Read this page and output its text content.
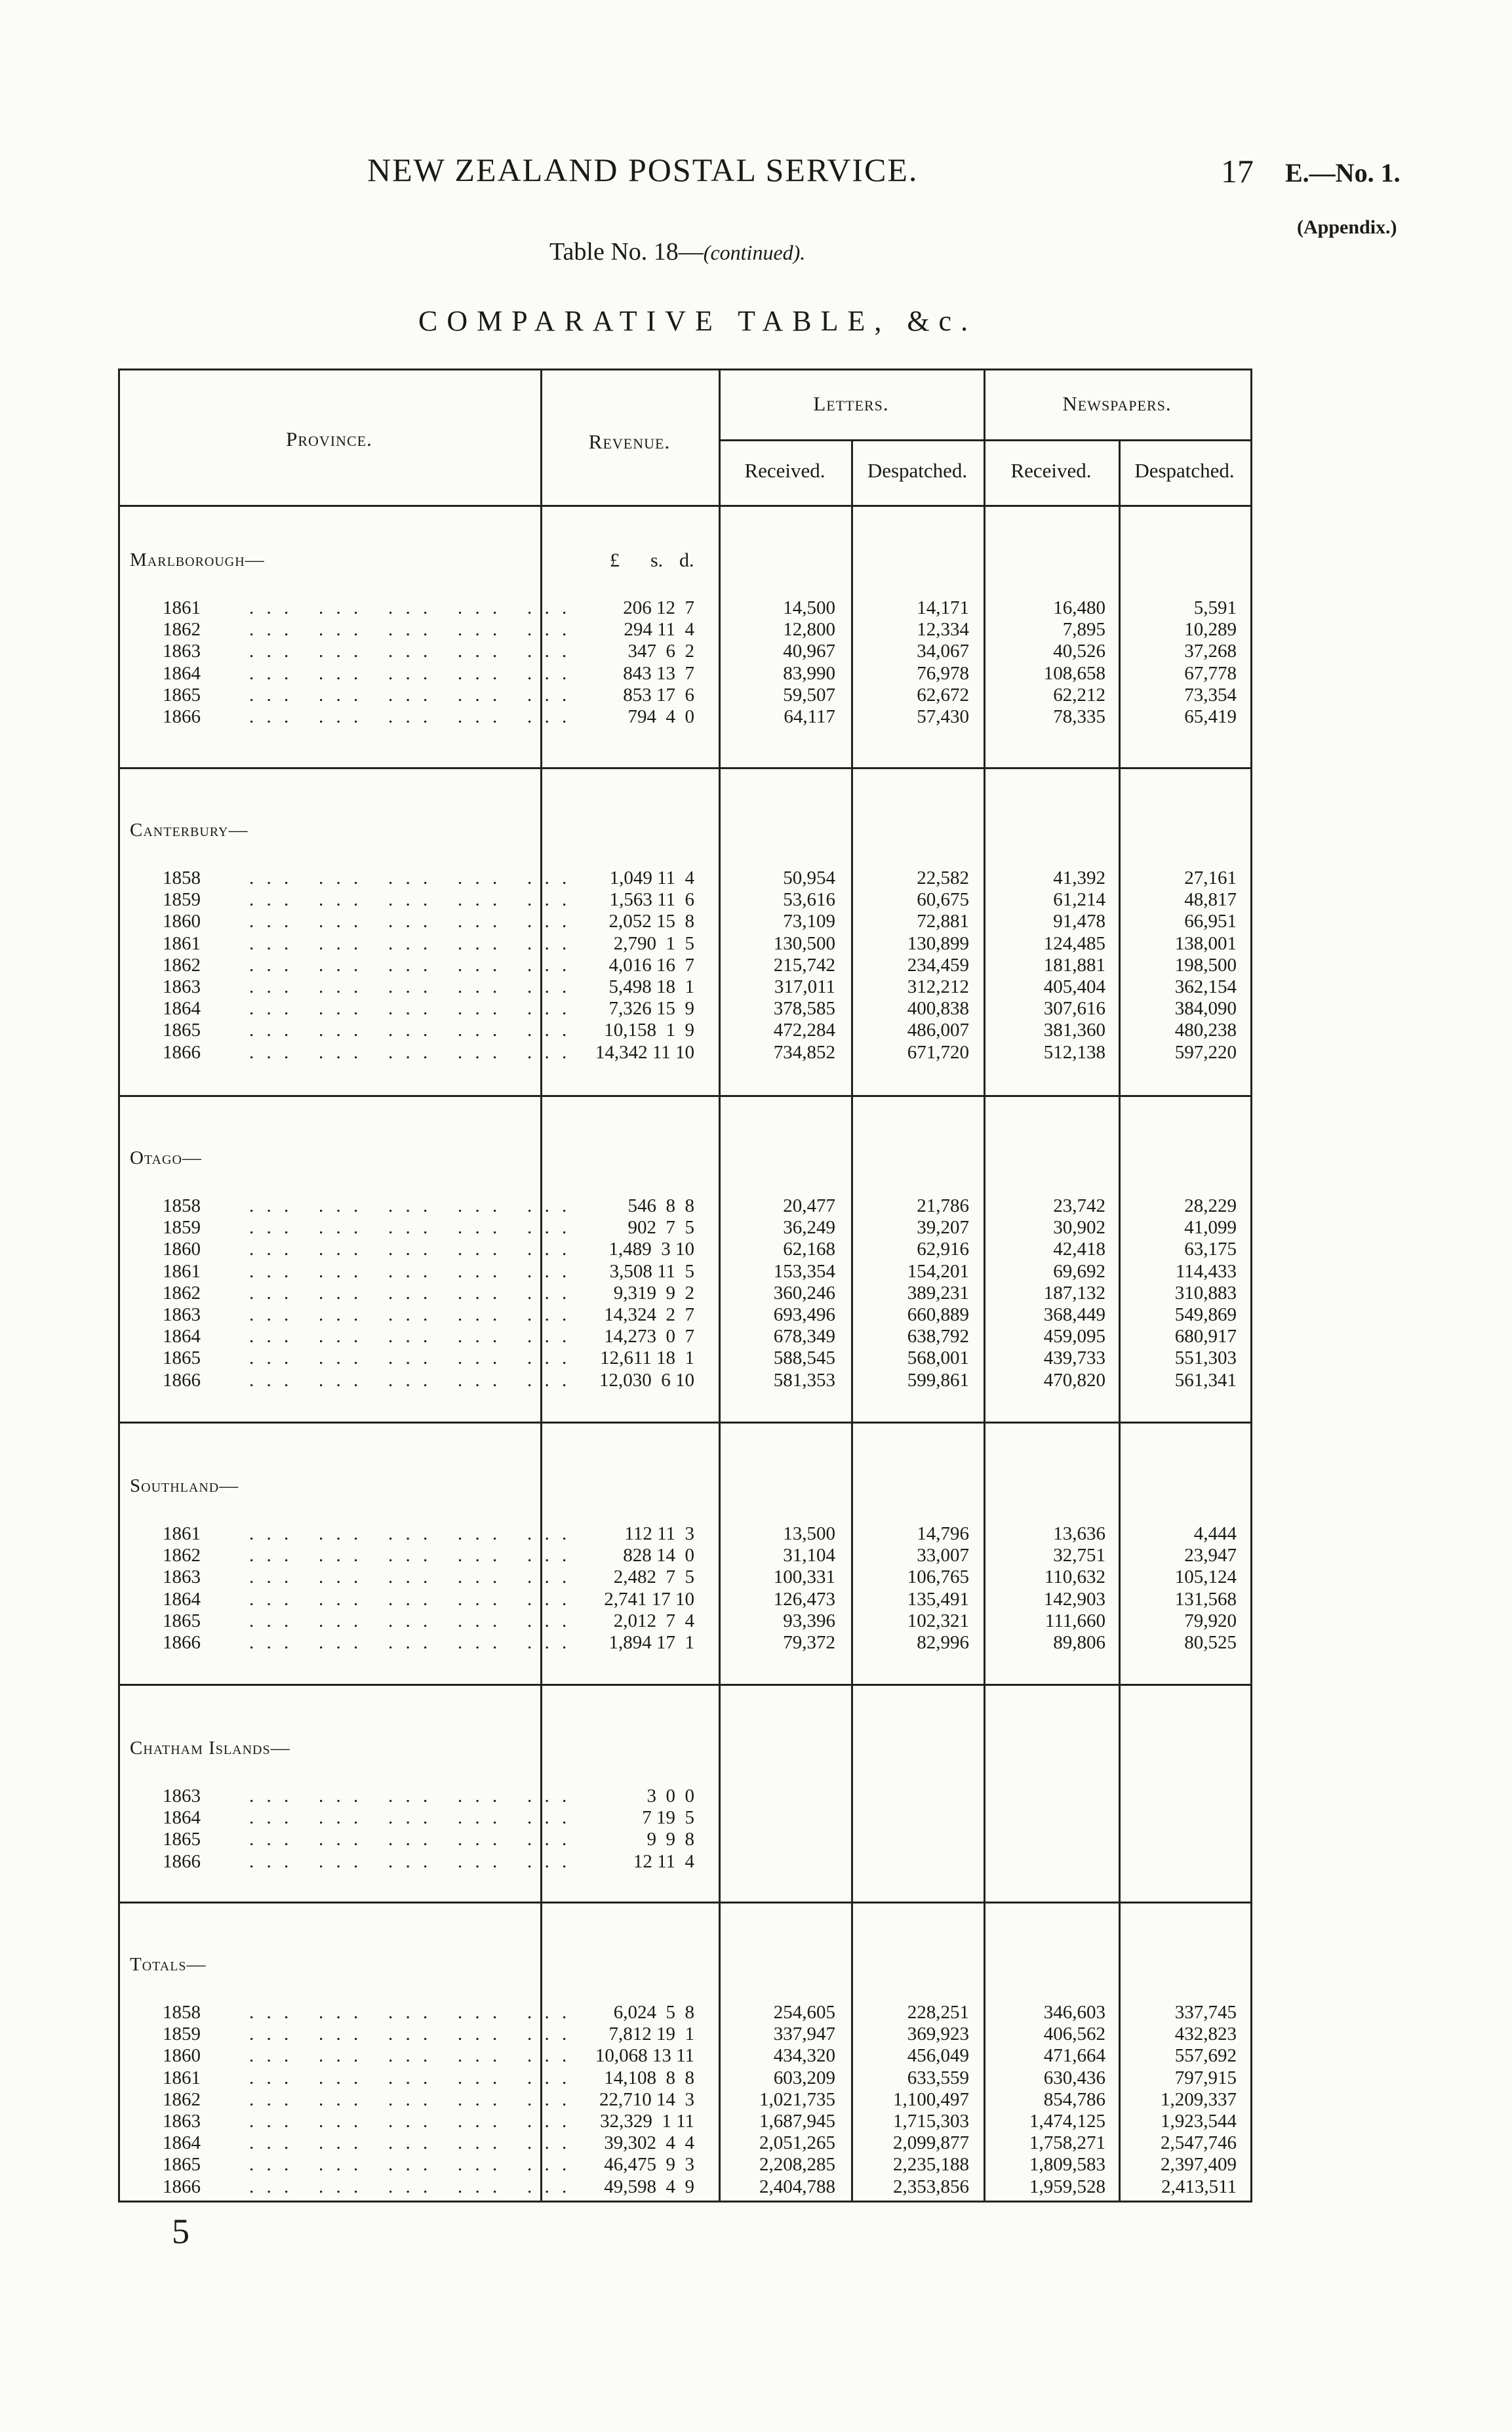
NEW ZEALAND POSTAL SERVICE.	17 E.—No. 1.
(Appendix.)
Table No. 18—(continued).
COMPARATIVE TABLE, &c.
Province.	Revenue.
Letters.	Newspapers.
Received.	Despatched.	Received.	Despatched.
£ s. d.
Marlborough—
1861	. . .   . . .   . . .   . . .   . . .	206 12  7	14,500	14,171	16,480	5,591
1862	. . .   . . .   . . .   . . .   . . .	294 11  4	12,800	12,334	7,895	10,289
1863	. . .   . . .   . . .   . . .   . . .	347  6  2	40,967	34,067	40,526	37,268
1864	. . .   . . .   . . .   . . .   . . .	843 13  7	83,990	76,978	108,658	67,778
1865	. . .   . . .   . . .   . . .   . . .	853 17  6	59,507	62,672	62,212	73,354
1866	. . .   . . .   . . .   . . .   . . .	794  4  0	64,117	57,430	78,335	65,419
Canterbury—
1858	. . .   . . .   . . .   . . .   . . . 1,049 11  4	50,954	22,582	41,392	27,161
1859	. . .   . . .   . . .   . . .   . . . 1,563 11  6	53,616	60,675	61,214	48,817
1860	. . .   . . .   . . .   . . .   . . . 2,052 15  8	73,109	72,881	91,478	66,951
1861	. . .   . . .   . . .   . . .   . . . 2,790  1  5	130,500	130,899	124,485	138,001
1862	. . .   . . .   . . .   . . .   . . . 4,016 16  7	215,742	234,459	181,881	198,500
1863	. . .   . . .   . . .   . . .   . . . 5,498 18  1	317,011	312,212	405,404	362,154
1864	. . .   . . .   . . .   . . .   . . . 7,326 15  9	378,585	400,838	307,616	384,090
1865	. . .   . . .   . . .   . . .   . . . 10,158  1  9	472,284	486,007	381,360	480,238
1866	. . .   . . .   . . .   . . .   . . . 14,342 11 10	734,852	671,720	512,138	597,220
Otago—
1858	. . .   . . .   . . .   . . .   . . .	546  8  8	20,477	21,786	23,742	28,229
1859	. . .   . . .   . . .   . . .   . . .	902  7  5	36,249	39,207	30,902	41,099
1860	. . .   . . .   . . .   . . .   . . . 1,489  3 10	62,168	62,916	42,418	63,175
1861	. . .   . . .   . . .   . . .   . . . 3,508 11  5	153,354	154,201	69,692	114,433
1862	. . .   . . .   . . .   . . .   . . . 9,319  9  2	360,246	389,231	187,132	310,883
1863	. . .   . . .   . . .   . . .   . . . 14,324  2  7	693,496	660,889	368,449	549,869
1864	. . .   . . .   . . .   . . .   . . . 14,273  0  7	678,349	638,792	459,095	680,917
1865	. . .   . . .   . . .   . . .   . . . 12,611 18  1	588,545	568,001	439,733	551,303
1866	. . .   . . .   . . .   . . .   . . . 12,030  6 10	581,353	599,861	470,820	561,341
Southland—
1861	. . .   . . .   . . .   . . .   . . .	112 11  3	13,500	14,796	13,636	4,444
1862	. . .   . . .   . . .   . . .   . . .	828 14  0	31,104	33,007	32,751	23,947
1863	. . .   . . .   . . .   . . .   . . . 2,482  7  5	100,331	106,765	110,632	105,124
1864	. . .   . . .   . . .   . . .   . . . 2,741 17 10	126,473	135,491	142,903	131,568
1865	. . .   . . .   . . .   . . .   . . . 2,012  7  4	93,396	102,321	111,660	79,920
1866	. . .   . . .   . . .   . . .   . . . 1,894 17  1	79,372	82,996	89,806	80,525
Chatham Islands—
1863	. . .   . . .   . . .   . . .   . . .	3  0  0
1864	. . .   . . .   . . .   . . .   . . .	7 19  5
1865	. . .   . . .   . . .   . . .   . . .	9  9  8
1866	. . .   . . .   . . .   . . .   . . .	12 11  4
Totals—
1858	. . .   . . .   . . .   . . .   . . . 6,024  5  8	254,605	228,251	346,603	337,745
1859	. . .   . . .   . . .   . . .   . . . 7,812 19  1	337,947	369,923	406,562	432,823
1860	. . .   . . .   . . .   . . .   . . . 10,068 13 11	434,320	456,049	471,664	557,692
1861	. . .   . . .   . . .   . . .   . . . 14,108  8  8	603,209	633,559	630,436	797,915
1862	. . .   . . .   . . .   . . .   . . . 22,710 14  3	1,021,735	1,100,497	854,786	1,209,337
1863	. . .   . . .   . . .   . . .   . . . 32,329  1 11	1,687,945	1,715,303	1,474,125	1,923,544
1864	. . .   . . .   . . .   . . .   . . . 39,302  4  4	2,051,265	2,099,877	1,758,271	2,547,746
1865	. . .   . . .   . . .   . . .   . . . 46,475  9  3	2,208,285	2,235,188	1,809,583	2,397,409
1866	. . .   . . .   . . .   . . .   . . . 49,598  4  9	2,404,788	2,353,856	1,959,528	2,413,511
5
